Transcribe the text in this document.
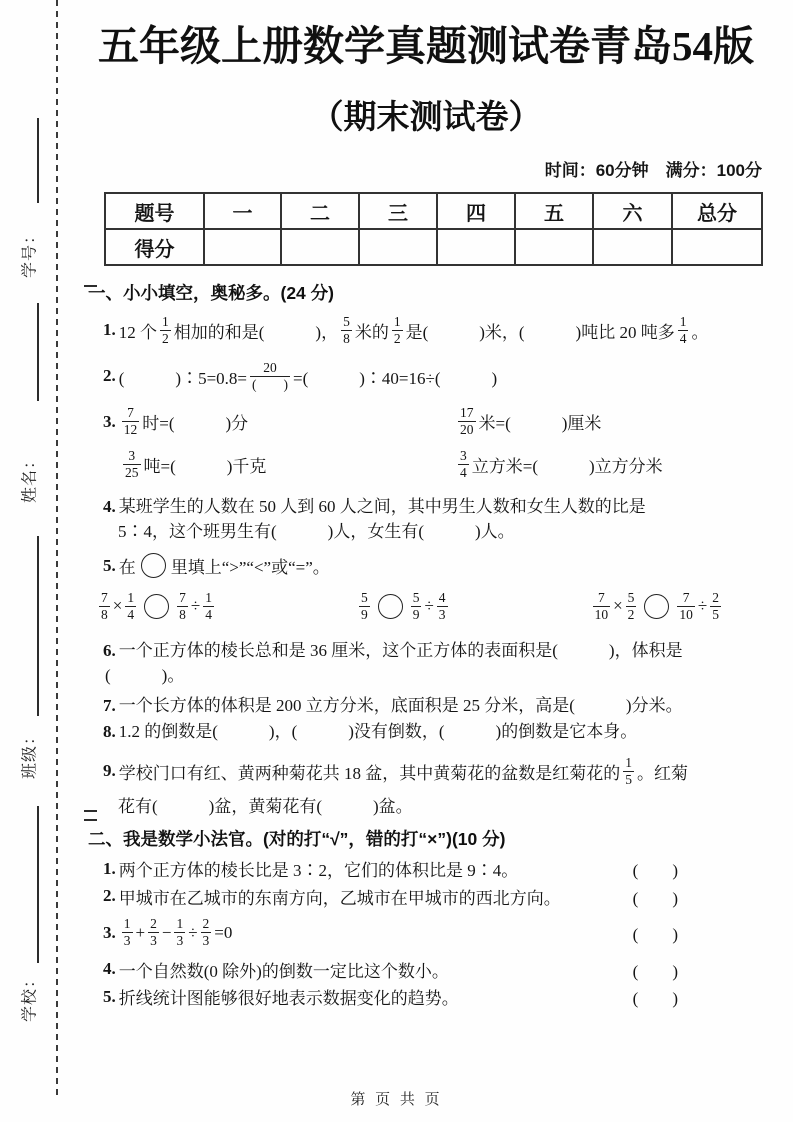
学号：
姓名：
班级：
学校：
五年级上册数学真题测试卷青岛54版
（期末测试卷）
时间：60分钟　满分：100分
题号	一	二	三	四	五	六	总分
得分							
一、小小填空，奥秘多。(24 分)
1. 12 个 $\frac{1}{2}$ 相加的和是(　　　)， $\frac{5}{8}$ 米的 $\frac{1}{2}$ 是(　　　)米，(　　　)吨比 20 吨多 $\frac{1}{4}$ 。
2. (　　　)∶5=0.8= $\frac{20}{( )}$ =(　　　)∶40=16÷(　　　)
3. $\frac{7}{12}$ 时=(　　　)分	$\frac{17}{20}$ 米=(　　　)厘米
$\frac{3}{25}$ 吨=(　　　)千克	$\frac{3}{4}$ 立方米=(　　　)立方分米
4. 某班学生的人数在 50 人到 60 人之间，其中男生人数和女生人数的比是
5∶4，这个班男生有(　　　)人，女生有(　　　)人。
5. 在 里填上“>”“<”或“=”。
$\frac{7}{8} \times \frac{1}{4}$	$\frac{7}{8} \div \frac{1}{4}$	$\frac{5}{9}$	$\frac{5}{9} \div \frac{4}{3}$	$\frac{7}{10} \times \frac{5}{2}$	$\frac{7}{10} \div \frac{2}{5}$
6. 一个正方体的棱长总和是 36 厘米，这个正方体的表面积是(　　　)，体积是
(　　　)。
7. 一个长方体的体积是 200 立方分米，底面积是 25 分米，高是(　　　)分米。
8. 1.2 的倒数是(　　　)，(　　　)没有倒数，(　　　)的倒数是它本身。
9. 学校门口有红、黄两种菊花共 18 盆，其中黄菊花的盆数是红菊花的 $\frac{1}{5}$ 。红菊
花有(　　　)盆，黄菊花有(　　　)盆。
二、我是数学小法官。(对的打“√”，错的打“×”)(10 分)
1. 两个正方体的棱长比是 3∶2，它们的体积比是 9∶4。	(　　)
2. 甲城市在乙城市的东南方向，乙城市在甲城市的西北方向。	(　　)
3. $\frac{1}{3} + \frac{2}{3} - \frac{1}{3} \div \frac{2}{3} =0$	(　　)
4. 一个自然数(0 除外)的倒数一定比这个数小。	(　　)
5. 折线统计图能够很好地表示数据变化的趋势。	(　　)
第 页 共 页
